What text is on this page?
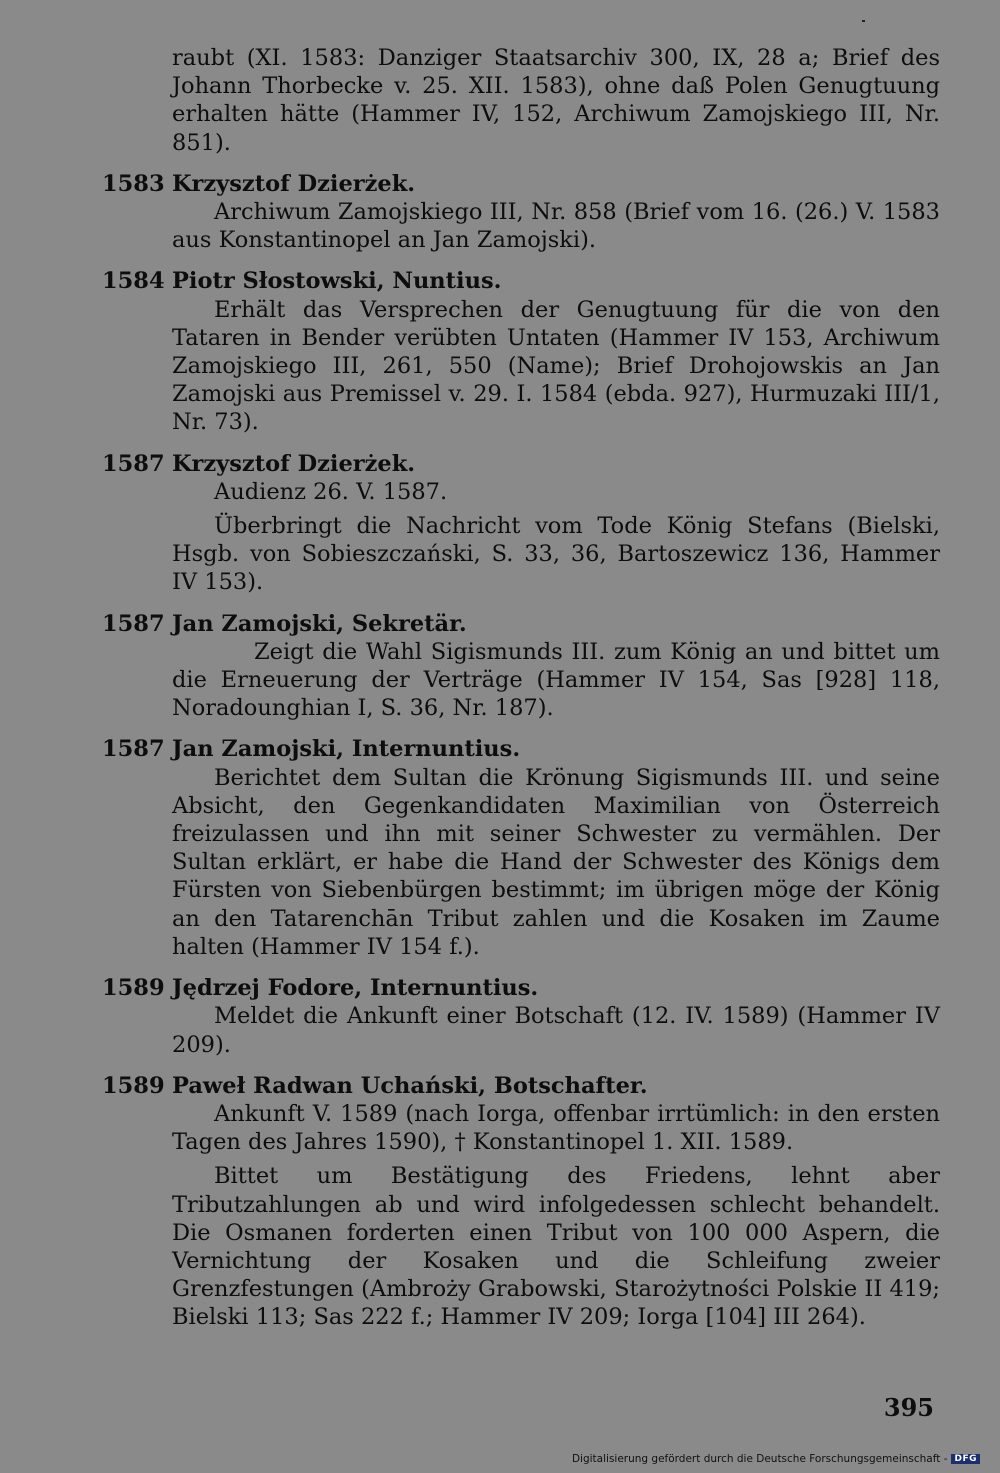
raubt (XI. 1583: Danziger Staatsarchiv 300, IX, 28 a; Brief des Johann Thorbecke v. 25. XII. 1583), ohne daß Polen Genugtuung erhalten hätte (Hammer IV, 152, Archiwum Zamojskiego III, Nr. 851).
1583 Krzysztof Dzierżek.
Archiwum Zamojskiego III, Nr. 858 (Brief vom 16. (26.) V. 1583 aus Konstantinopel an Jan Zamojski).
1584 Piotr Słostowski, Nuntius.
Erhält das Versprechen der Genugtuung für die von den Tataren in Bender verübten Untaten (Hammer IV 153, Archiwum Zamojskiego III, 261, 550 (Name); Brief Drohojowskis an Jan Zamojski aus Premissel v. 29. I. 1584 (ebda. 927), Hurmuzaki III/1, Nr. 73).
1587 Krzysztof Dzierżek.
Audienz 26. V. 1587.
Überbringt die Nachricht vom Tode König Stefans (Bielski, Hsgb. von Sobieszczański, S. 33, 36, Bartoszewicz 136, Hammer IV 153).
1587 Jan Zamojski, Sekretär.
Zeigt die Wahl Sigismunds III. zum König an und bittet um die Erneuerung der Verträge (Hammer IV 154, Sas [928] 118, Noradounghian I, S. 36, Nr. 187).
1587 Jan Zamojski, Internuntius.
Berichtet dem Sultan die Krönung Sigismunds III. und seine Absicht, den Gegenkandidaten Maximilian von Österreich freizulassen und ihn mit seiner Schwester zu vermählen. Der Sultan erklärt, er habe die Hand der Schwester des Königs dem Fürsten von Siebenbürgen bestimmt; im übrigen möge der König an den Tatarenchān Tribut zahlen und die Kosaken im Zaume halten (Hammer IV 154 f.).
1589 Jędrzej Fodore, Internuntius.
Meldet die Ankunft einer Botschaft (12. IV. 1589) (Hammer IV 209).
1589 Paweł Radwan Uchański, Botschafter.
Ankunft V. 1589 (nach Iorga, offenbar irrtümlich: in den ersten Tagen des Jahres 1590), † Konstantinopel 1. XII. 1589.
Bittet um Bestätigung des Friedens, lehnt aber Tributzahlungen ab und wird infolgedessen schlecht behandelt. Die Osmanen forderten einen Tribut von 100 000 Aspern, die Vernichtung der Kosaken und die Schleifung zweier Grenzfestungen (Ambroży Grabowski, Starożytności Polskie II 419; Bielski 113; Sas 222 f.; Hammer IV 209; Iorga [104] III 264).
395
Digitalisierung gefördert durch die Deutsche Forschungsgemeinschaft - DFG
